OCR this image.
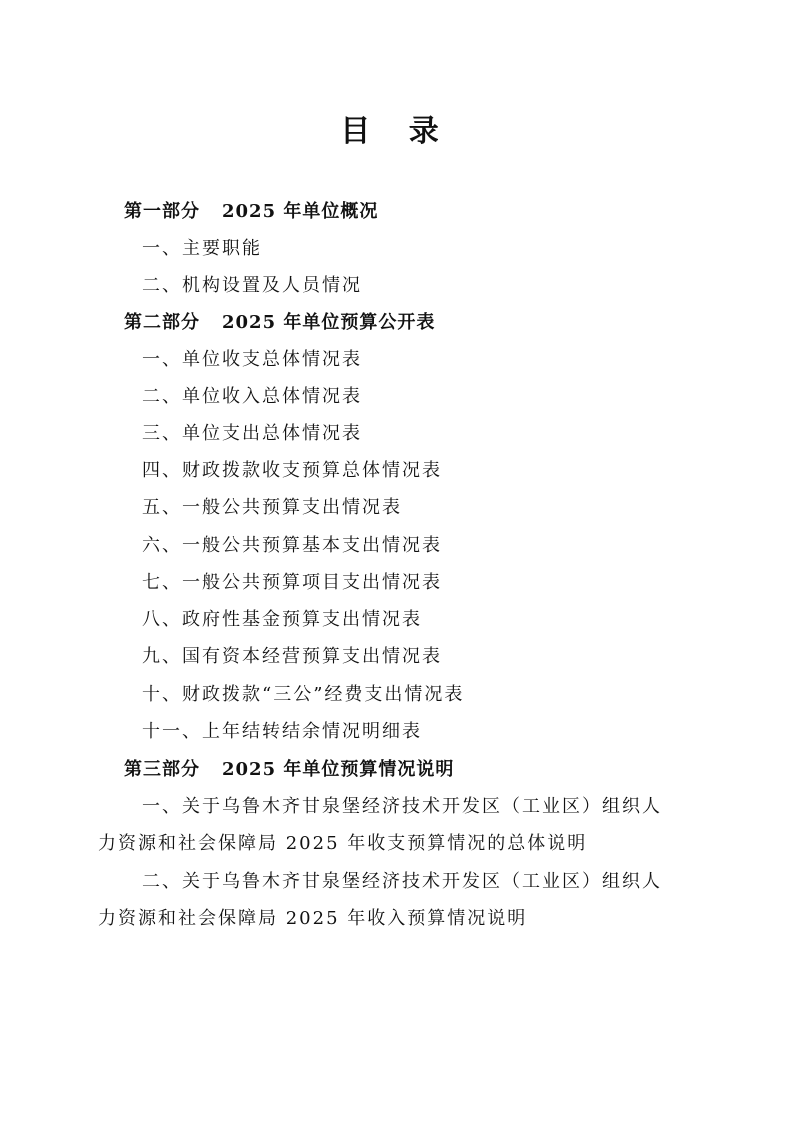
目 录
第一部分 2025 年单位概况
一、主要职能
二、机构设置及人员情况
第二部分 2025 年单位预算公开表
一、单位收支总体情况表
二、单位收入总体情况表
三、单位支出总体情况表
四、财政拨款收支预算总体情况表
五、一般公共预算支出情况表
六、一般公共预算基本支出情况表
七、一般公共预算项目支出情况表
八、政府性基金预算支出情况表
九、国有资本经营预算支出情况表
十、财政拨款“三公”经费支出情况表
十一、上年结转结余情况明细表
第三部分 2025 年单位预算情况说明
一、关于乌鲁木齐甘泉堡经济技术开发区（工业区）组织人
力资源和社会保障局 2025 年收支预算情况的总体说明
二、关于乌鲁木齐甘泉堡经济技术开发区（工业区）组织人
力资源和社会保障局 2025 年收入预算情况说明
